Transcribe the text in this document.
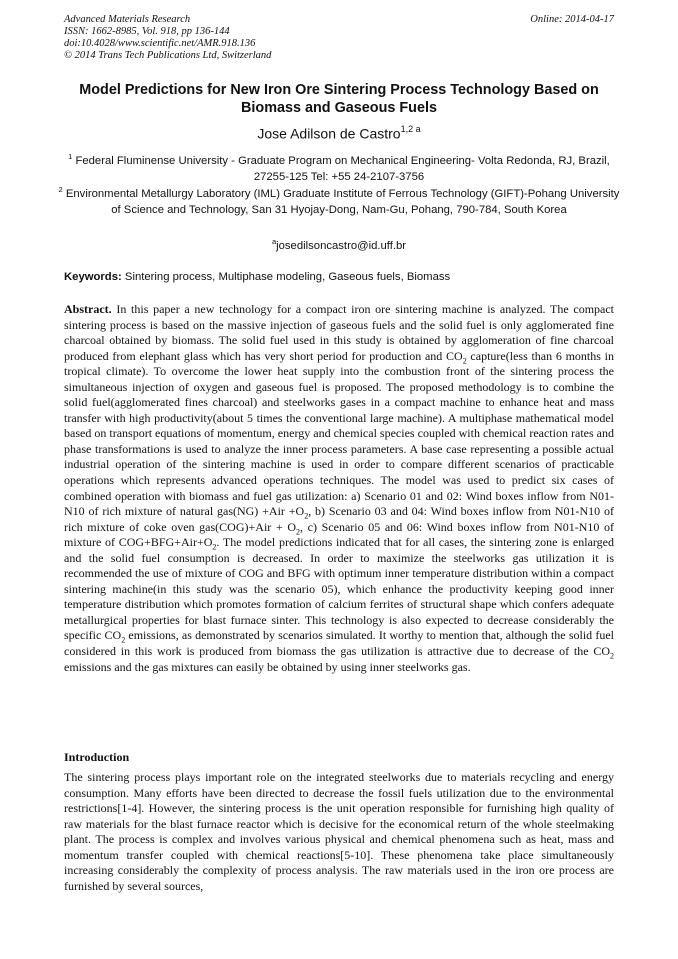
Advanced Materials Research
ISSN: 1662-8985, Vol. 918, pp 136-144
doi:10.4028/www.scientific.net/AMR.918.136
© 2014 Trans Tech Publications Ltd, Switzerland
Online: 2014-04-17
Model Predictions for New Iron Ore Sintering Process Technology Based on Biomass and Gaseous Fuels
Jose Adilson de Castro$^{1,2 a}$
$^1$ Federal Fluminense University - Graduate Program on Mechanical Engineering- Volta Redonda, RJ, Brazil, 27255-125 Tel: +55 24-2107-3756
$^2$ Environmental Metallurgy Laboratory (IML) Graduate Institute of Ferrous Technology (GIFT)-Pohang University of Science and Technology, San 31 Hyojay-Dong, Nam-Gu, Pohang, 790-784, South Korea
$^a$josedilsoncastro@id.uff.br
Keywords: Sintering process, Multiphase modeling, Gaseous fuels, Biomass
Abstract. In this paper a new technology for a compact iron ore sintering machine is analyzed. The compact sintering process is based on the massive injection of gaseous fuels and the solid fuel is only agglomerated fine charcoal obtained by biomass. The solid fuel used in this study is obtained by agglomeration of fine charcoal produced from elephant glass which has very short period for production and $CO_2$ capture(less than 6 months in tropical climate). To overcome the lower heat supply into the combustion front of the sintering process the simultaneous injection of oxygen and gaseous fuel is proposed. The proposed methodology is to combine the solid fuel(agglomerated fines charcoal) and steelworks gases in a compact machine to enhance heat and mass transfer with high productivity(about 5 times the conventional large machine). A multiphase mathematical model based on transport equations of momentum, energy and chemical species coupled with chemical reaction rates and phase transformations is used to analyze the inner process parameters. A base case representing a possible actual industrial operation of the sintering machine is used in order to compare different scenarios of practicable operations which represents advanced operations techniques. The model was used to predict six cases of combined operation with biomass and fuel gas utilization: a) Scenario 01 and 02: Wind boxes inflow from N01-N10 of rich mixture of natural $gas(NG) +Air +O_2$, b) Scenario 03 and 04: Wind boxes inflow from N01-N10 of rich mixture of coke oven $gas(COG)+Air + O_2$, c) Scenario 05 and 06: Wind boxes inflow from N01-N10 of mixture of $COG+BFG+Air+O_2$. The model predictions indicated that for all cases, the sintering zone is enlarged and the solid fuel consumption is decreased. In order to maximize the steelworks gas utilization it is recommended the use of mixture of COG and BFG with optimum inner temperature distribution within a compact sintering machine(in this study was the scenario 05), which enhance the productivity keeping good inner temperature distribution which promotes formation of calcium ferrites of structural shape which confers adequate metallurgical properties for blast furnace sinter. This technology is also expected to decrease considerably the specific $CO_2$ emissions, as demonstrated by scenarios simulated. It worthy to mention that, although the solid fuel considered in this work is produced from biomass the gas utilization is attractive due to decrease of the $CO_2$ emissions and the gas mixtures can easily be obtained by using inner steelworks gas.
Introduction
The sintering process plays important role on the integrated steelworks due to materials recycling and energy consumption. Many efforts have been directed to decrease the fossil fuels utilization due to the environmental restrictions[1-4]. However, the sintering process is the unit operation responsible for furnishing high quality of raw materials for the blast furnace reactor which is decisive for the economical return of the whole steelmaking plant. The process is complex and involves various physical and chemical phenomena such as heat, mass and momentum transfer coupled with chemical reactions[5-10]. These phenomena take place simultaneously increasing considerably the complexity of process analysis. The raw materials used in the iron ore process are furnished by several sources,
